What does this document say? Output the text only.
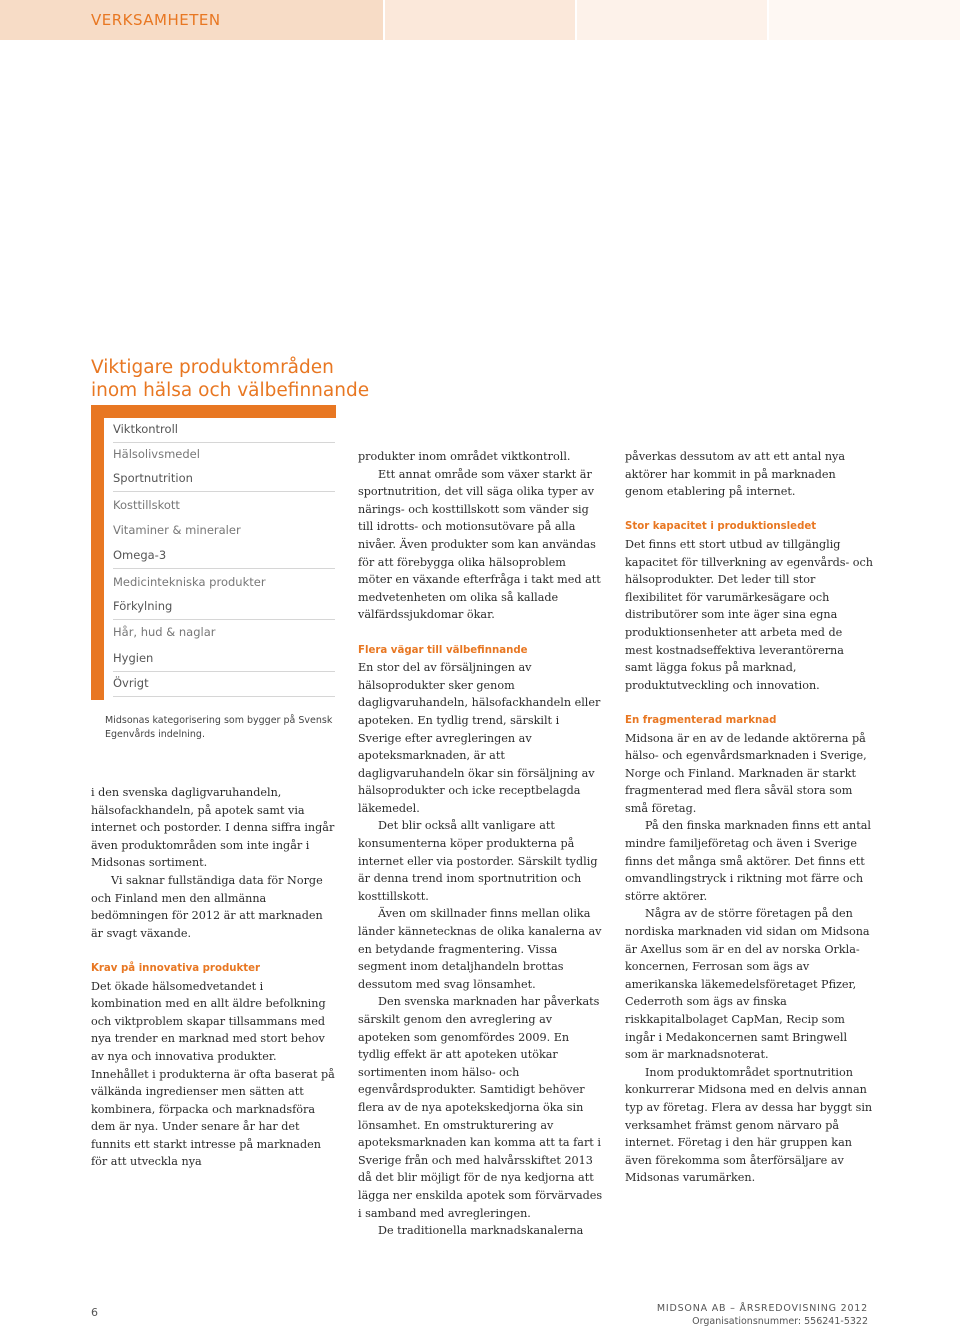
VERKSAMHETEN
Viktigare produktområden
inom hälsa och välbefinnande
Viktkontroll
Hälsolivsmedel
Sportnutrition
Kosttillskott
Vitaminer & mineraler
Omega-3
Medicintekniska produkter
Förkylning
Hår, hud & naglar
Hygien
Övrigt
Midsonas kategorisering som bygger på Svensk Egenvårds indelning.

i den svenska dagligvaruhandeln, hälsofackhandeln, på apotek samt via internet och postorder. I denna siffra ingår även produktområden som inte ingår i Midsonas sortiment.

Vi saknar fullständiga data för Norge och Finland men den allmänna bedömningen för 2012 är att marknaden är svagt växande.

Krav på innovativa produkter

Det ökade hälsomedvetandet i kombination med en allt äldre befolkning och viktproblem skapar tillsammans med nya trender en marknad med stort behov av nya och innovativa produkter. Innehållet i produkterna är ofta baserat på välkända ingredienser men sätten att kombinera, förpacka och marknadsföra dem är nya. Under senare år har det funnits ett starkt intresse på marknaden för att utveckla nya

produkter inom området viktkontroll.

Ett annat område som växer starkt är sportnutrition, det vill säga olika typer av närings- och kosttillskott som vänder sig till idrotts- och motionsutövare på alla nivåer. Även produkter som kan användas för att förebygga olika hälsoproblem möter en växande efterfråga i takt med att medvetenheten om olika så kallade välfärdssjukdomar ökar.

Flera vägar till välbefinnande

En stor del av försäljningen av hälsoprodukter sker genom dagligvaruhandeln, hälsofackhandeln eller apoteken. En tydlig trend, särskilt i Sverige efter avregleringen av apoteksmarknaden, är att dagligvaruhandeln ökar sin försäljning av hälsoprodukter och icke receptbelagda läkemedel.

Det blir också allt vanligare att konsumenterna köper produkterna på internet eller via postorder. Särskilt tydlig är denna trend inom sportnutrition och kosttillskott.

Även om skillnader finns mellan olika länder kännetecknas de olika kanalerna av en betydande fragmentering. Vissa segment inom detaljhandeln brottas dessutom med svag lönsamhet.

Den svenska marknaden har påverkats särskilt genom den avreglering av apoteken som genomfördes 2009. En tydlig effekt är att apoteken utökar sortimenten inom hälso- och egenvårdsprodukter. Samtidigt behöver flera av de nya apotekskedjorna öka sin lönsamhet. En omstrukturering av apoteksmarknaden kan komma att ta fart i Sverige från och med halvårsskiftet 2013 då det blir möjligt för de nya kedjorna att lägga ner enskilda apotek som förvärvades i samband med avregleringen.

De traditionella marknadskanalerna

påverkas dessutom av att ett antal nya aktörer har kommit in på marknaden genom etablering på internet.

Stor kapacitet i produktionsledet

Det finns ett stort utbud av tillgänglig kapacitet för tillverkning av egenvårds- och hälsoprodukter. Det leder till stor flexibilitet för varumärkesägare och distributörer som inte äger sina egna produktionsenheter att arbeta med de mest kostnadseffektiva leverantörerna samt lägga fokus på marknad, produktutveckling och innovation.

En fragmenterad marknad

Midsona är en av de ledande aktörerna på hälso- och egenvårdsmarknaden i Sverige, Norge och Finland. Marknaden är starkt fragmenterad med flera såväl stora som små företag.

På den finska marknaden finns ett antal mindre familjeföretag och även i Sverige finns det många små aktörer. Det finns ett omvandlingstryck i riktning mot färre och större aktörer.

Några av de större företagen på den nordiska marknaden vid sidan om Midsona är Axellus som är en del av norska Orkla-koncernen, Ferrosan som ägs av amerikanska läkemedelsföretaget Pfizer, Cederroth som ägs av finska riskkapitalbolaget CapMan, Recip som ingår i Medakoncernen samt Bringwell som är marknadsnoterat.

Inom produktområdet sportnutrition konkurrerar Midsona med en delvis annan typ av företag. Flera av dessa har byggt sin verksamhet främst genom närvaro på internet. Företag i den här gruppen kan även förekomma som återförsäljare av Midsonas varumärken.

6	MIDSONA AB – ÅRSREDOVISNING 2012
Organisationsnummer: 556241-5322
